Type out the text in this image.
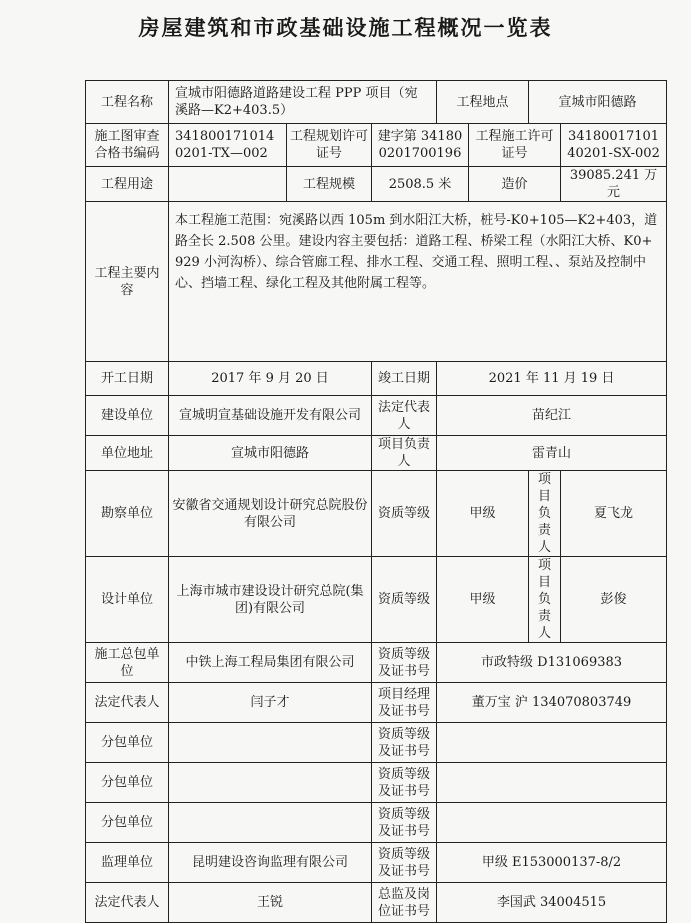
房屋建筑和市政基础设施工程概况一览表
工程名称	宣城市阳德路道路建设工程 PPP 项目（宛溪路—K2+403.5）			工程地点		宣城市阳德路	
施工图审查合格书编码	3418001710140201-TX—002	工程规划许可证号	建字第 341800201700196		工程施工许可证号		3418001710140201-SX-002
工程用途		工程规模	2508.5 米		造价		39085.241 万元
工程主要内容	本工程施工范围：宛溪路以西 105m 到水阳江大桥，桩号-K0+105—K2+403，道路全长 2.508 公里。建设内容主要包括：道路工程、桥梁工程（水阳江大桥、K0+929 小河沟桥）、综合管廊工程、排水工程、交通工程、照明工程、、泵站及控制中心、挡墙工程、绿化工程及其他附属工程等。						
开工日期	2017 年 9 月 20 日		竣工日期	2021 年 11 月 19 日			
建设单位	宣城明宣基础设施开发有限公司		法定代表人	苗纪江			
单位地址	宣城市阳德路		项目负责人	雷青山			
勘察单位	安徽省交通规划设计研究总院股份有限公司		资质等级	甲级		项目负责人	夏飞龙
设计单位	上海市城市建设设计研究总院(集团)有限公司		资质等级	甲级		项目负责人	彭俊
施工总包单位	中铁上海工程局集团有限公司		资质等级及证书号	市政特级 D131069383			
法定代表人	闫子才		项目经理及证书号	董万宝 沪 134070803749			
分包单位			资质等级及证书号				
分包单位			资质等级及证书号				
分包单位			资质等级及证书号				
监理单位	昆明建设咨询监理有限公司		资质等级及证书号	甲级 E153000137-8/2			
法定代表人	王锐		总监及岗位证书号	李国武 34004515			
